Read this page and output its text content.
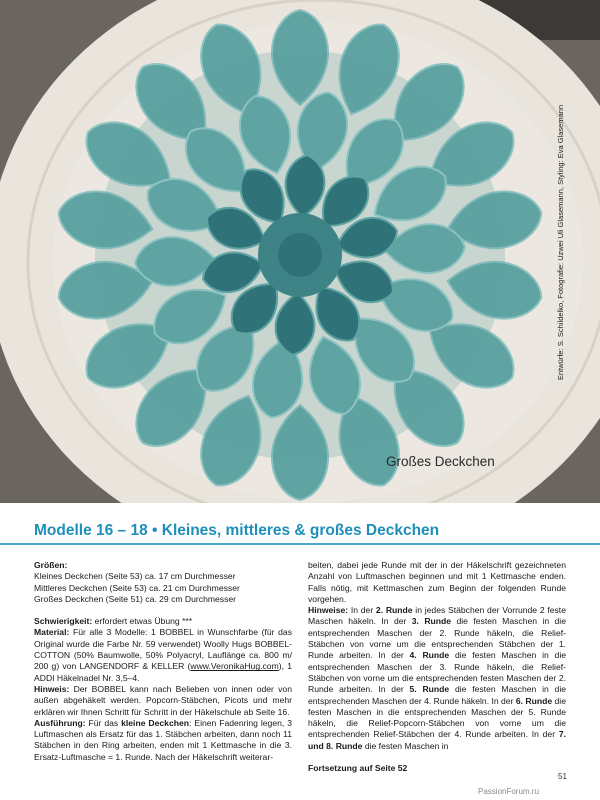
Großes Deckchen
Entwürfe: S. Schildelko, Fotografie: Uzwei Uli Glasemann, Styling: Eva Glasemann
Modelle 16 – 18 • Kleines, mittleres & großes Deckchen

Größen:

Kleines Deckchen (Seite 53) ca. 17 cm Durchmesser

Mittleres Deckchen (Seite 53) ca. 21 cm Durchmesser

Großes Deckchen (Seite 51) ca. 29 cm Durchmesser

Schwierigkeit: erfordert etwas Übung ***

Material: Für alle 3 Modelle: 1 BOBBEL in Wunschfarbe (für das Original wurde die Farbe Nr. 59 verwendet) Woolly Hugs BOBBEL-COTTON (50% Baumwolle, 50% Polyacryl, Lauflänge ca. 800 m/ 200 g) von LANGENDORF & KELLER (www.VeronikaHug.com), 1 ADDI Häkelnadel Nr. 3,5–4.

Hinweis: Der BOBBEL kann nach Belieben von innen oder von außen abgehäkelt werden. Popcorn-Stäbchen, Picots und mehr erklären wir Ihnen Schritt für Schritt in der Häkelschule ab Seite 16.

Ausführung: Für das kleine Deckchen: Einen Fadenring legen, 3 Luftmaschen als Ersatz für das 1. Stäbchen arbeiten, dann noch 11 Stäbchen in den Ring arbeiten, enden mit 1 Kettmasche in die 3. Ersatz-Luftmasche = 1. Runde. Nach der Häkelschrift weiterar-

beiten, dabei jede Runde mit der in der Häkelschrift gezeichneten Anzahl von Luftmaschen beginnen und mit 1 Kettmasche enden. Falls nötig, mit Kettmaschen zum Beginn der folgenden Runde vorgehen.

Hinweise: In der 2. Runde in jedes Stäbchen der Vorrunde 2 feste Maschen häkeln. In der 3. Runde die festen Maschen in die entsprechenden Maschen der 2. Runde häkeln, die Relief-Stäbchen von vorne um die entsprechenden Stäbchen der 1. Runde arbeiten. In der 4. Runde die festen Maschen in die entsprechenden Maschen der 3. Runde häkeln, die Relief-Stäbchen von vorne um die entsprechenden festen Maschen der 2. Runde arbeiten. In der 5. Runde die festen Maschen in die entsprechenden Maschen der 4. Runde häkeln. In der 6. Runde die festen Maschen in die entsprechenden Maschen der 5. Runde häkeln, die Relief-Popcorn-Stäbchen von vorne um die entsprechenden Relief-Stäbchen der 4. Runde arbeiten. In der 7. und 8. Runde die festen Maschen in

Fortsetzung auf Seite 52

51
PassionForum.ru
